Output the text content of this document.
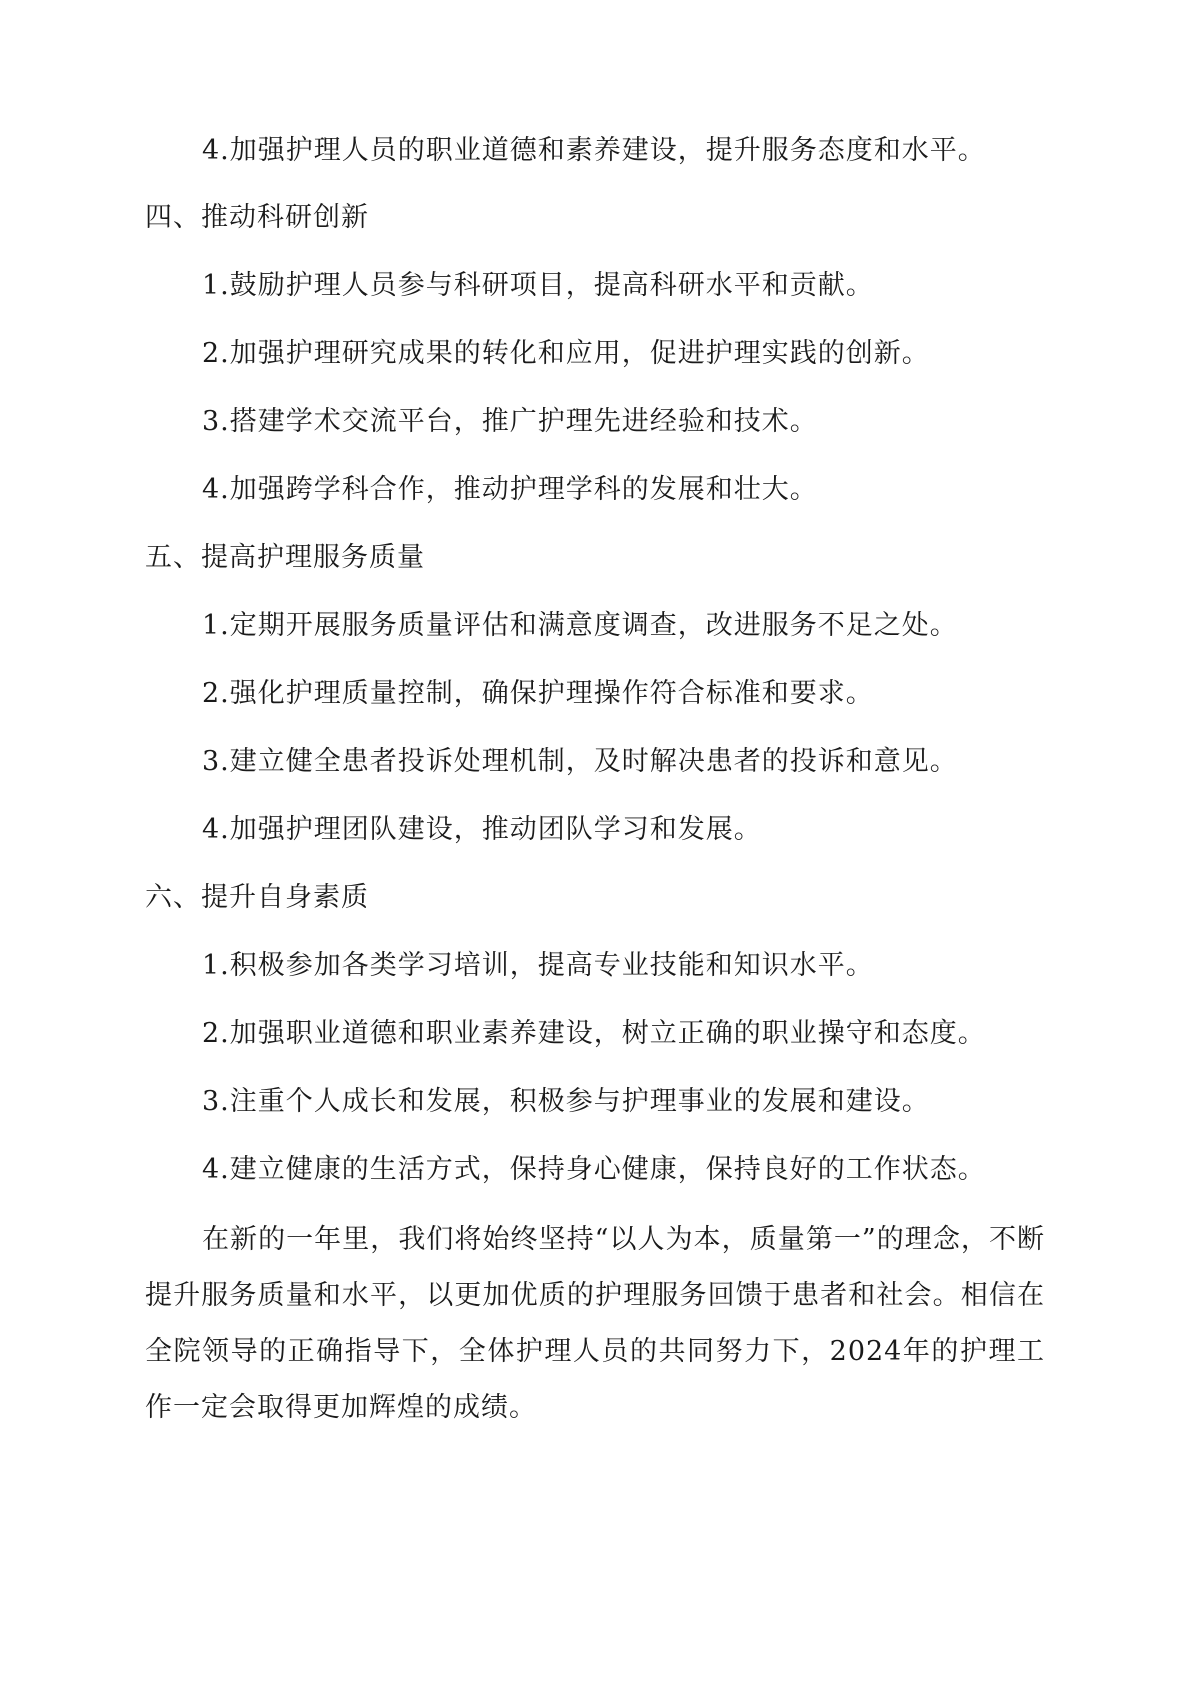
4.加强护理人员的职业道德和素养建设，提升服务态度和水平。
四、推动科研创新
1.鼓励护理人员参与科研项目，提高科研水平和贡献。
2.加强护理研究成果的转化和应用，促进护理实践的创新。
3.搭建学术交流平台，推广护理先进经验和技术。
4.加强跨学科合作，推动护理学科的发展和壮大。
五、提高护理服务质量
1.定期开展服务质量评估和满意度调查，改进服务不足之处。
2.强化护理质量控制，确保护理操作符合标准和要求。
3.建立健全患者投诉处理机制，及时解决患者的投诉和意见。
4.加强护理团队建设，推动团队学习和发展。
六、提升自身素质
1.积极参加各类学习培训，提高专业技能和知识水平。
2.加强职业道德和职业素养建设，树立正确的职业操守和态度。
3.注重个人成长和发展，积极参与护理事业的发展和建设。
4.建立健康的生活方式，保持身心健康，保持良好的工作状态。
在新的一年里，我们将始终坚持“以人为本，质量第一”的理念，不断提升服务质量和水平，以更加优质的护理服务回馈于患者和社会。相信在全院领导的正确指导下，全体护理人员的共同努力下，2024年的护理工作一定会取得更加辉煌的成绩。
